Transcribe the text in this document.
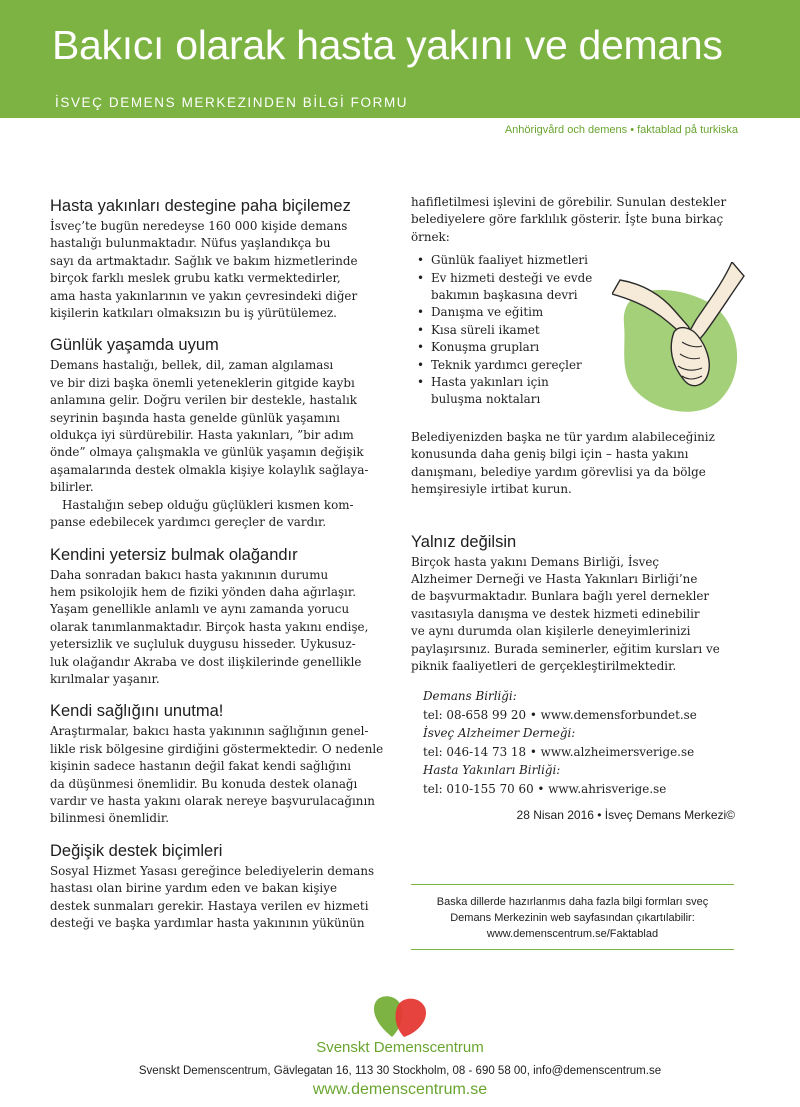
Bakıcı olarak hasta yakını ve demans
İSVEÇ DEMENS MERKEZINDEN BİLGİ FORMU
Anhörigvård och demens • faktablad på turkiska
Hasta yakınları destegine paha biçilemez

İsveç’te bugün neredeyse 160 000 kişide demans
hastalığı bulunmaktadır. Nüfus yaşlandıkça bu
sayı da artmaktadır. Sağlık ve bakım hizmetlerinde
birçok farklı meslek grubu katkı vermektedirler,
ama hasta yakınlarının ve yakın çevresindeki diğer
kişilerin katkıları olmaksızın bu iş yürütülemez.

Günlük yaşamda uyum

Demans hastalığı, bellek, dil, zaman algılaması
ve bir dizi başka önemli yeteneklerin gitgide kaybı
anlamına gelir. Doğru verilen bir destekle, hastalık
seyrinin başında hasta genelde günlük yaşamını
oldukça iyi sürdürebilir. Hasta yakınları, ”bir adım
önde” olmaya çalışmakla ve günlük yaşamın değişik
aşamalarında destek olmakla kişiye kolaylık sağlaya-
bilirler.

Hastalığın sebep olduğu güçlükleri kısmen kom-
panse edebilecek yardımcı gereçler de vardır.

Kendini yetersiz bulmak olağandır

Daha sonradan bakıcı hasta yakınının durumu
hem psikolojik hem de fiziki yönden daha ağırlaşır.
Yaşam genellikle anlamlı ve aynı zamanda yorucu
olarak tanımlanmaktadır. Birçok hasta yakını endişe,
yetersizlik ve suçluluk duygusu hisseder. Uykusuz-
luk olağandır Akraba ve dost ilişkilerinde genellikle
kırılmalar yaşanır.

Kendi sağlığını unutma!

Araştırmalar, bakıcı hasta yakınının sağlığının genel-
likle risk bölgesine girdiğini göstermektedir. O nedenle
kişinin sadece hastanın değil fakat kendi sağlığını
da düşünmesi önemlidir. Bu konuda destek olanağı
vardır ve hasta yakını olarak nereye başvurulacağının
bilinmesi önemlidir.

Değişik destek biçimleri

Sosyal Hizmet Yasası gereğince belediyelerin demans
hastası olan birine yardım eden ve bakan kişiye
destek sunmaları gerekir. Hastaya verilen ev hizmeti
desteği ve başka yardımlar hasta yakınının yükünün

hafifletilmesi işlevini de görebilir. Sunulan destekler
belediyelere göre farklılık gösterir. İşte buna birkaç
örnek:

• Günlük faaliyet hizmetleri
• Ev hizmeti desteği ve evde bakımın başkasına devri
• Danışma ve eğitim
• Kısa süreli ikamet
• Konuşma grupları
• Teknik yardımcı gereçler
• Hasta yakınları için buluşma noktaları

Belediyenizden başka ne tür yardım alabileceğiniz
konusunda daha geniş bilgi için – hasta yakını
danışmanı, belediye yardım görevlisi ya da bölge
hemşiresiyle irtibat kurun.

Yalnız değilsin

Birçok hasta yakını Demans Birliği, İsveç
Alzheimer Derneği ve Hasta Yakınları Birliği’ne
de başvurmaktadır. Bunlara bağlı yerel dernekler
vasıtasıyla danışma ve destek hizmeti edinebilir
ve aynı durumda olan kişilerle deneyimlerinizi
paylaşırsınız. Burada seminerler, eğitim kursları ve
piknik faaliyetleri de gerçekleştirilmektedir.

Demans Birliği:
tel: 08-658 99 20 • www.demensforbundet.se
İsveç Alzheimer Derneği:
tel: 046-14 73 18 • www.alzheimersverige.se
Hasta Yakınları Birliği:
tel: 010-155 70 60 • www.ahrisverige.se
28 Nisan 2016 • İsveç Demans Merkezi©
Baska dillerde hazırlanmıs daha fazla bilgi formları sveç
Demans Merkezinin web sayfasından çıkartılabilir:
www.demenscentrum.se/Faktablad
Svenskt Demenscentrum
Svenskt Demenscentrum, Gävlegatan 16, 113 30 Stockholm, 08 - 690 58 00, info@demenscentrum.se
www.demenscentrum.se
